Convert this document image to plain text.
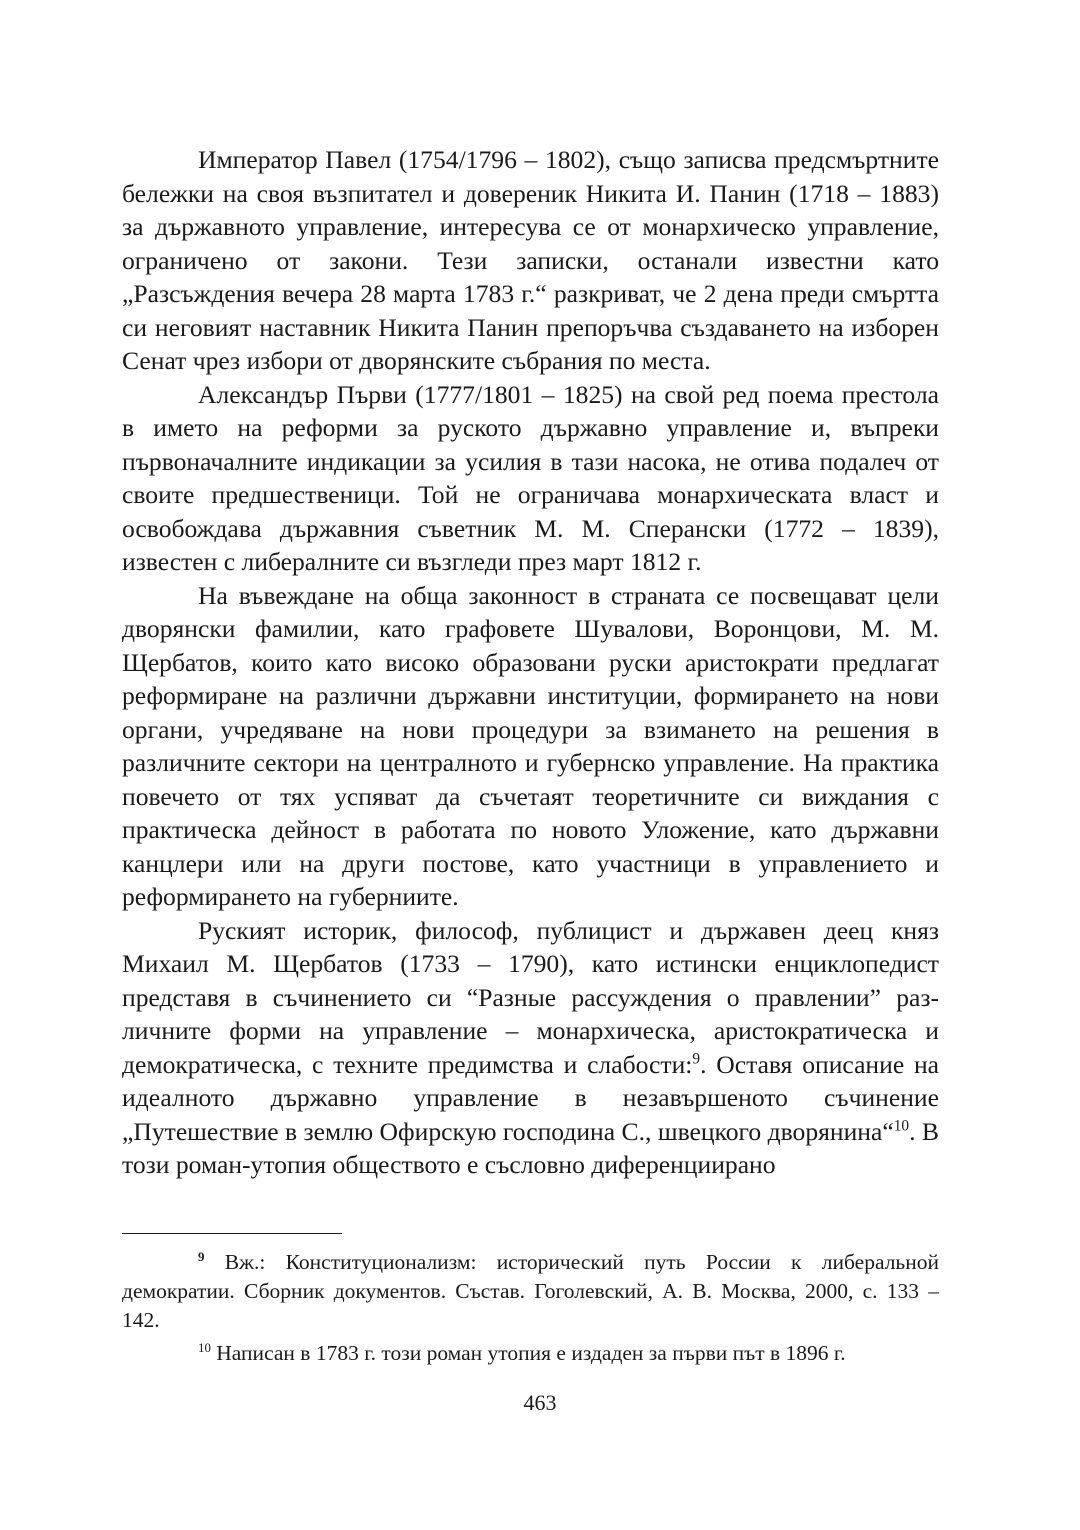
Император Павел (1754/1796 – 1802), също записва предсмъртните бележки на своя възпитател и довереник Никита И. Панин (1718 – 1883) за държавното управление, интересува се от монархическо управление, ограничено от закони. Тези записки, останали известни като „Разсъждения вечера 28 марта 1783 г.“ разкриват, че 2 дена преди смъртта си неговият наставник Никита Панин препоръчва създаването на изборен Сенат чрез избори от дворянските събрания по места.

Александър Първи (1777/1801 – 1825) на свой ред поема престола в името на реформи за руското държавно управление и, въпреки първоначалните индикации за усилия в тази насока, не отива подалеч от своите предшественици. Той не ограничава монархическата власт и освобождава държавния съветник М. М. Сперански (1772 – 1839), известен с либералните си възгледи през март 1812 г.

На въвеждане на обща законност в страната се посвещават цели дворянски фамилии, като графовете Шувалови, Воронцови, М. М. Щербатов, които като високо образовани руски аристократи предлагат реформиране на различни държавни институции, формирането на нови органи, учредяване на нови процедури за взимането на решения в различните сектори на централното и губернско управление. На практика повечето от тях успяват да съчетаят теоретичните си виждания с практическа дейност в работата по новото Уложение, като държавни канцлери или на други постове, като участници в управлението и реформирането на губерниите.

Руският историк, философ, публицист и държавен деец княз Михаил М. Щербатов (1733 – 1790), като истински енциклопедист представя в съчинението си “Разные рассуждения о правлении” различните форми на управление – монархическа, аристократическа и демократическа, с техните предимства и слабости:$^9$. Оставя описание на идеалното държавно управление в незавършеното съчинение „Путешествие в землю Офирскую господина С., швецкого дворянина“$^{10}$. В този роман-утопия обществото е съсловно диференциирано

$^9$ Вж.: Конституционализм: исторический путь России к либеральной демократии. Сборник документов. Състав. Гоголевский, А. В. Москва, 2000, с. 133 – 142.

$^{10}$ Написан в 1783 г. този роман утопия е издаден за първи път в 1896 г.

463
